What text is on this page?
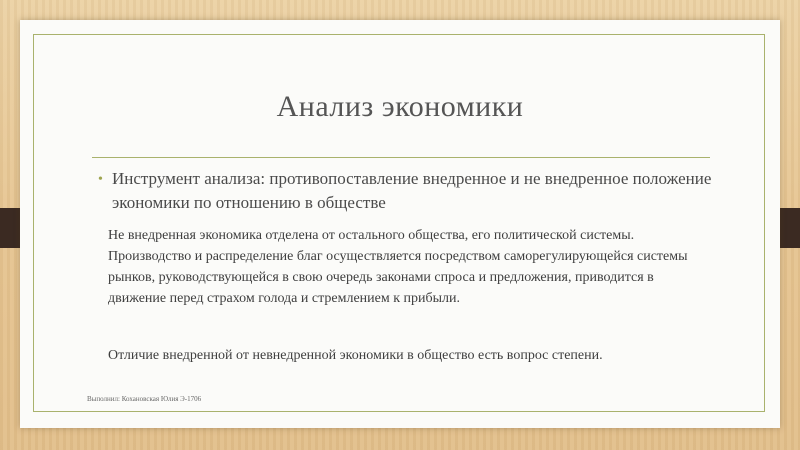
Анализ экономики
• Инструмент анализа: противопоставление внедренное и не внедренное положение экономики по отношению в обществе

Не внедренная экономика отделена от остального общества, его политической системы. Производство и распределение благ осуществляется посредством саморегулирующейся системы рынков, руководствующейся в свою очередь законами спроса и предложения, приводится в движение перед страхом голода и стремлением к прибыли.

Отличие внедренной от невнедренной экономики в общество есть вопрос степени.

Выполнил: Кохановская Юлия Э-1706
